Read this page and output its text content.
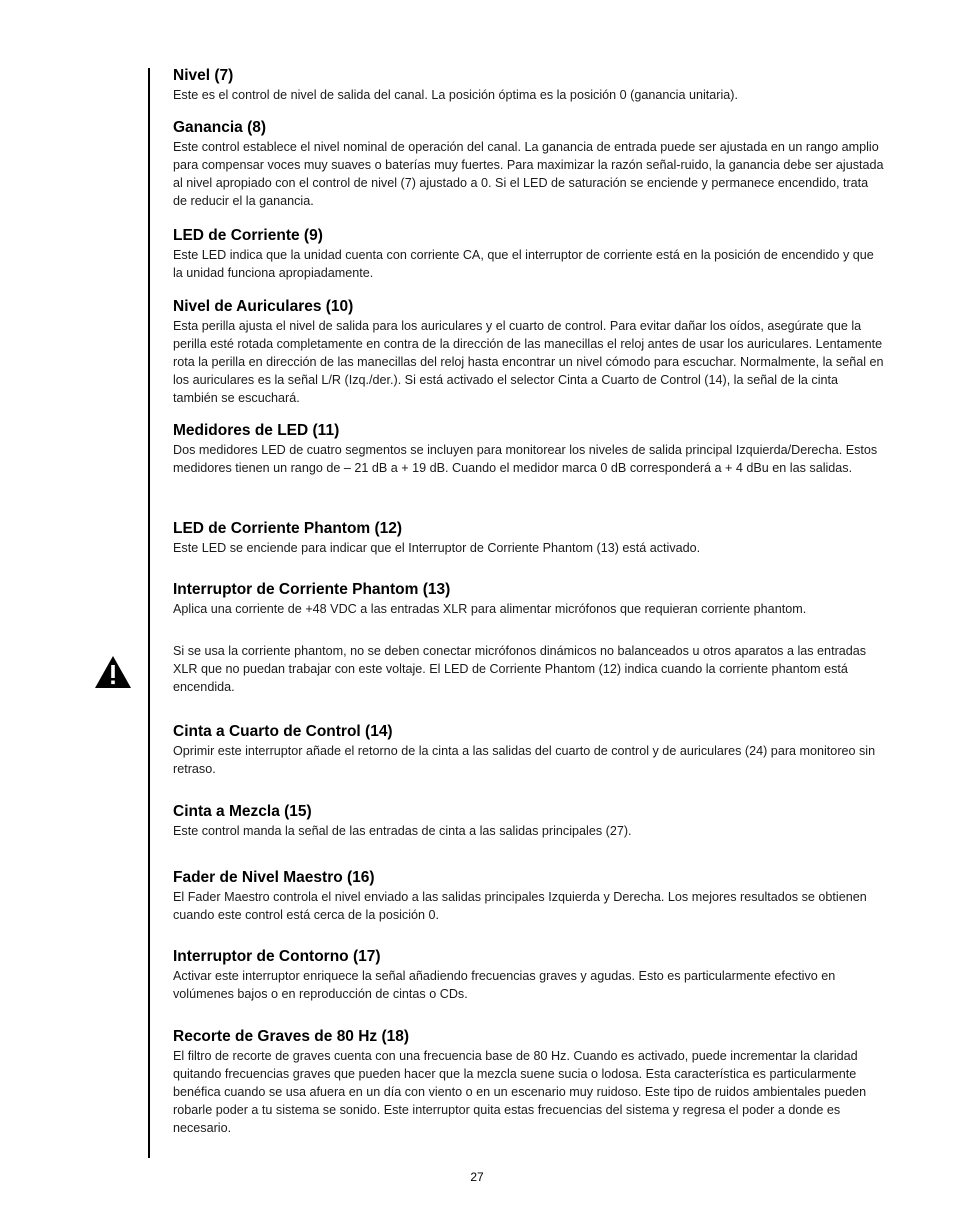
Nivel (7)

Este es el control de nivel de salida del canal. La posición óptima es la posición 0 (ganancia unitaria).

Ganancia (8)

Este control establece el nivel nominal de operación del canal. La ganancia de entrada puede ser ajustada en un rango amplio para compensar voces muy suaves o baterías muy fuertes. Para maximizar la razón señal-ruido, la ganancia debe ser ajustada al nivel apropiado con el control de nivel (7) ajustado a 0. Si el LED de saturación se enciende y permanece encendido, trata de reducir el la ganancia.

LED de Corriente (9)

Este LED indica que la unidad cuenta con corriente CA, que el interruptor de corriente está en la posición de encendido y que la unidad funciona apropiadamente.

Nivel de Auriculares (10)

Esta perilla ajusta el nivel de salida para los auriculares y el cuarto de control. Para evitar dañar los oídos, asegúrate que la perilla esté rotada completamente en contra de la dirección de las manecillas el reloj antes de usar los auriculares. Lentamente rota la perilla en dirección de las manecillas del reloj hasta encontrar un nivel cómodo para escuchar. Normalmente, la señal en los auriculares es la señal L/R (Izq./der.). Si está activado el selector Cinta a Cuarto de Control (14), la señal de la cinta también se escuchará.

Medidores de LED (11)

Dos medidores LED de cuatro segmentos se incluyen para monitorear los niveles de salida principal Izquierda/Derecha. Estos medidores tienen un rango de – 21 dB a + 19 dB. Cuando el medidor marca 0 dB corresponderá a + 4 dBu en las salidas.

LED de Corriente Phantom (12)

Este LED se enciende para indicar que el Interruptor de Corriente Phantom (13) está activado.

Interruptor de Corriente Phantom (13)

Aplica una corriente de +48 VDC a las entradas XLR para alimentar micrófonos que requieran corriente phantom.

Si se usa la corriente phantom, no se deben conectar micrófonos dinámicos no balanceados u otros aparatos a las entradas XLR que no puedan trabajar con este voltaje. El LED de Corriente Phantom (12) indica cuando la corriente phantom está encendida.

Cinta a Cuarto de Control (14)

Oprimir este interruptor añade el retorno de la cinta a las salidas del cuarto de control y de auriculares (24) para monitoreo sin retraso.

Cinta a Mezcla (15)

Este control manda la señal de las entradas de cinta a las salidas principales (27).

Fader de Nivel Maestro (16)

El Fader Maestro controla el nivel enviado a las salidas principales Izquierda y Derecha. Los mejores resultados se obtienen cuando este control está cerca de la posición 0.

Interruptor de Contorno (17)

Activar este interruptor enriquece la señal añadiendo frecuencias graves y agudas. Esto es particularmente efectivo en volúmenes bajos o en reproducción de cintas o CDs.

Recorte de Graves de 80 Hz (18)

El filtro de recorte de graves cuenta con una frecuencia base de 80 Hz. Cuando es activado, puede incrementar la claridad quitando frecuencias graves que pueden hacer que la mezcla suene sucia o lodosa. Esta característica es particularmente benéfica cuando se usa afuera en un día con viento o en un escenario muy ruidoso. Este tipo de ruidos ambientales pueden robarle poder a tu sistema se sonido. Este interruptor quita estas frecuencias del sistema y regresa el poder a donde es necesario.

27
